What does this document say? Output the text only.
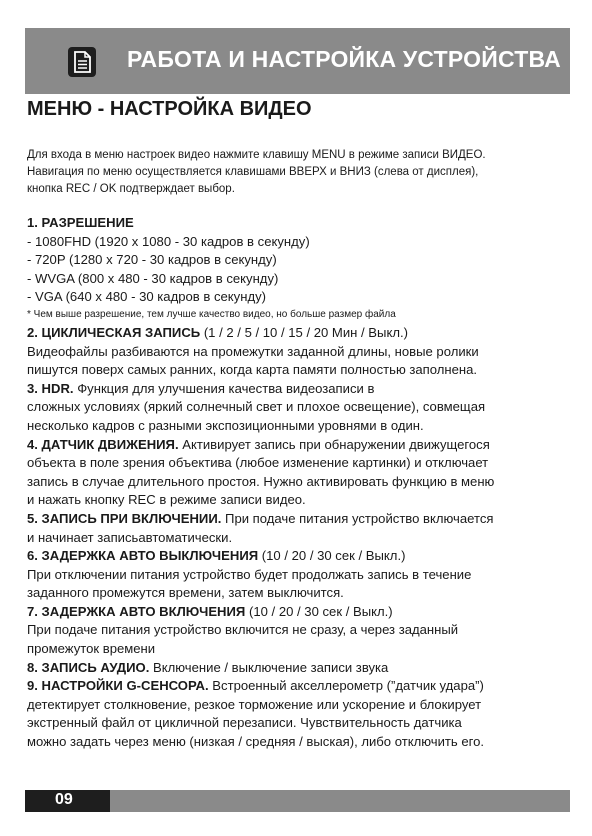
РАБОТА И НАСТРОЙКА УСТРОЙСТВА
МЕНЮ - НАСТРОЙКА ВИДЕО
Для входа в меню настроек видео нажмите клавишу MENU в режиме записи ВИДЕО.
Навигация по меню осуществляется клавишами ВВЕРХ и ВНИЗ (слева от дисплея),
кнопка REC / OK подтверждает выбор.

1. РАЗРЕШЕНИЕ

- 1080FHD (1920 x 1080 - 30 кадров в секунду)

- 720P (1280 x 720 - 30 кадров в секунду)

- WVGA (800 x 480 - 30 кадров в секунду)

- VGA (640 x 480 - 30 кадров в секунду)

* Чем выше разрешение, тем лучше качество видео, но больше размер файла

2. ЦИКЛИЧЕСКАЯ ЗАПИСЬ (1 / 2 / 5 / 10 / 15 / 20 Мин / Выкл.)

Видеофайлы разбиваются на промежутки заданной длины, новые ролики

пишутся поверх самых ранних, когда карта памяти полностью заполнена.

3. HDR. Функция для улучшения качества видеозаписи в

сложных условиях (яркий солнечный свет и плохое освещение), совмещая

несколько кадров с разными экспозиционными уровнями в один.

4. ДАТЧИК ДВИЖЕНИЯ. Активирует запись при обнаружении движущегося

объекта в поле зрения объектива (любое изменение картинки) и отключает

запись в случае длительного простоя. Нужно активировать функцию в меню

и нажать кнопку REC в режиме записи видео.

5. ЗАПИСЬ ПРИ ВКЛЮЧЕНИИ. При подаче питания устройство включается

и начинает записьавтоматически.

6. ЗАДЕРЖКА АВТО ВЫКЛЮЧЕНИЯ (10 / 20 / 30 сек / Выкл.)

При отключении питания устройство будет продолжать запись в течение

заданного промежутся времени, затем выключится.

7. ЗАДЕРЖКА АВТО ВКЛЮЧЕНИЯ (10 / 20 / 30 сек / Выкл.)

При подаче питания устройство включится не сразу, а через заданный

промежуток времени

8. ЗАПИСЬ АУДИО. Включение / выключение записи звука

9. НАСТРОЙКИ G-СЕНСОРА. Встроенный акселлерометр (”датчик удара”)

детектирует столкновение, резкое торможение или ускорение и блокирует

экстренный файл от цикличной перезаписи. Чувствительность датчика

можно задать через меню (низкая / средняя / выская), либо отключить его.

09
